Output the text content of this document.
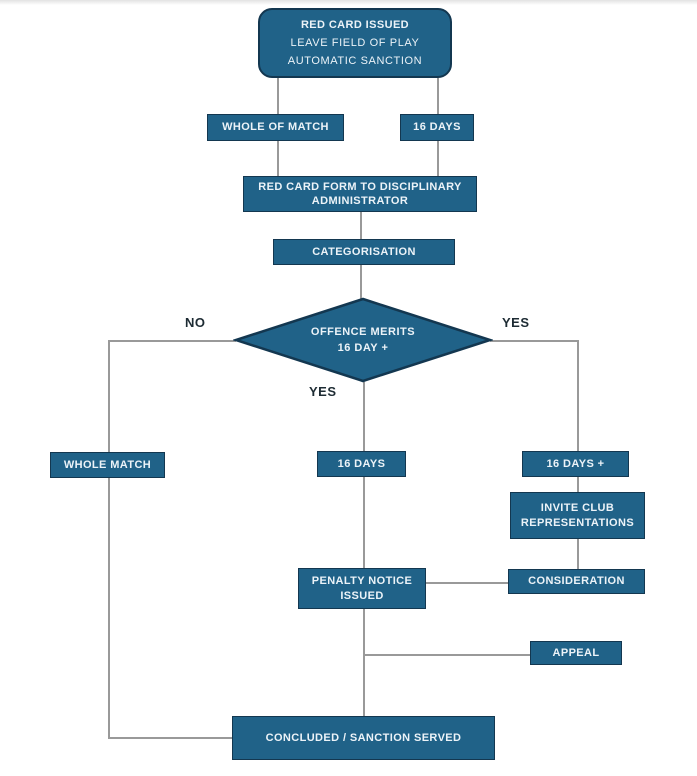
RED CARD ISSUED
LEAVE FIELD OF PLAY
AUTOMATIC SANCTION
WHOLE OF MATCH	16 DAYS
RED CARD FORM TO DISCIPLINARY ADMINISTRATOR
CATEGORISATION
OFFENCE MERITS
16 DAY +
NO	YES
YES
WHOLE MATCH	16 DAYS	16 DAYS +
INVITE CLUB REPRESENTATIONS
CONSIDERATION
APPEAL
PENALTY NOTICE ISSUED
CONCLUDED / SANCTION SERVED
